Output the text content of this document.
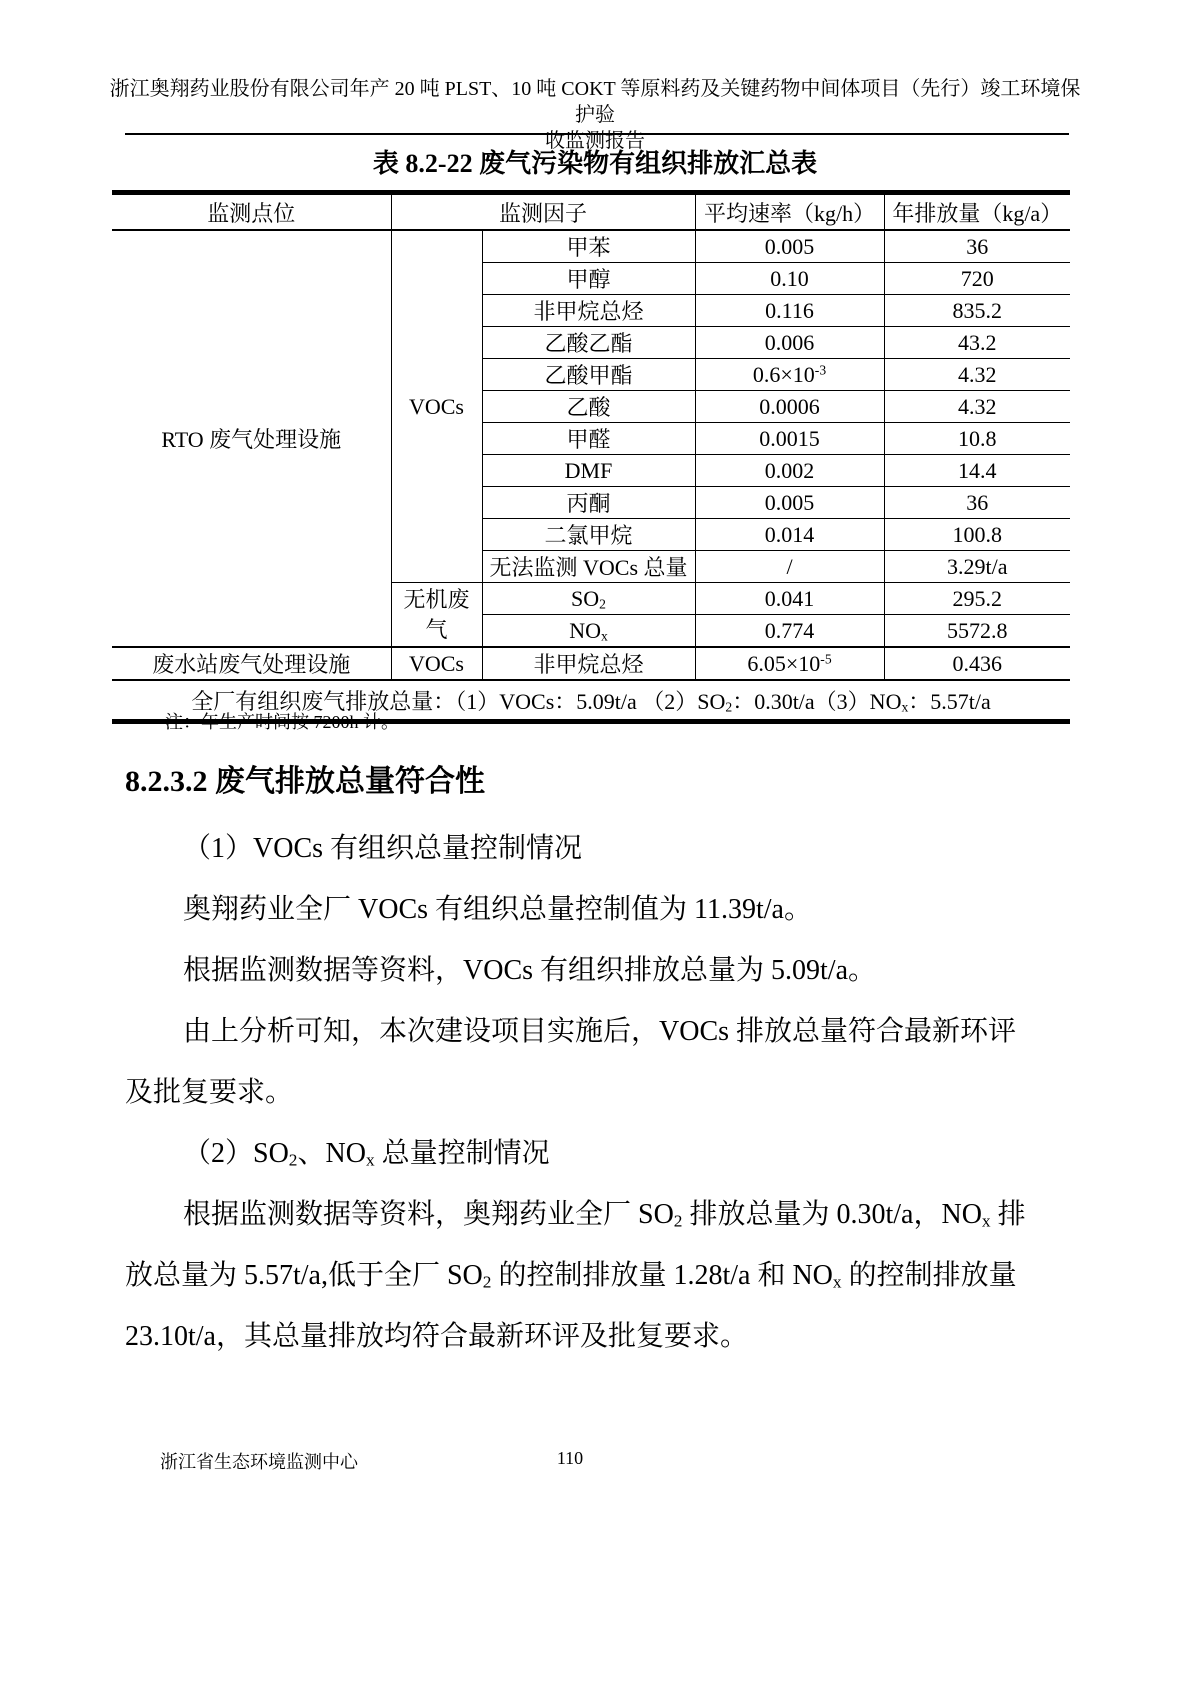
浙江奥翔药业股份有限公司年产 20 吨 PLST、10 吨 COKT 等原料药及关键药物中间体项目（先行）竣工环境保护验
收监测报告
表 8.2-22 废气污染物有组织排放汇总表
监测点位	监测因子		平均速率（kg/h）	年排放量（kg/a）
RTO 废气处理设施	VOCs	甲苯	0.005	36
		甲醇	0.10	720
		非甲烷总烃	0.116	835.2
		乙酸乙酯	0.006	43.2
		乙酸甲酯	$0.6\times 10^{-3}$	4.32
		乙酸	0.0006	4.32
		甲醛	0.0015	10.8
		DMF	0.002	14.4
		丙酮	0.005	36
		二氯甲烷	0.014	100.8
		无法监测 VOCs 总量	/	3.29t/a
	无机废气	$SO_2$	0.041	295.2
		$NO_x$	0.774	5572.8
废水站废气处理设施	VOCs	非甲烷总烃	$6.05\times 10^{-5}$	0.436
全厂有组织废气排放总量：（1）VOCs：5.09t/a $(2)SO_2$：$0.30t/a(3)NO_x$：5.57t/a				
注：年生产时间按 7200h 计。
8.2.3.2 废气排放总量符合性
（1）VOCs 有组织总量控制情况
奥翔药业全厂 VOCs 有组织总量控制值为 11.39t/a。
根据监测数据等资料，VOCs 有组织排放总量为 5.09t/a。
由上分析可知，本次建设项目实施后，VOCs 排放总量符合最新环评
及批复要求。
$(2)SO_2$、$NO_x$ 总量控制情况
根据监测数据等资料，奥翔药业全厂 $SO_2$ 排放总量为 0.30t/a，$NO_x$ 排
放总量为 5.57t/a,低于全厂 $SO_2$ 的控制排放量 1.28t/a 和 $NO_x$ 的控制排放量
23.10t/a，其总量排放均符合最新环评及批复要求。
浙江省生态环境监测中心	110
